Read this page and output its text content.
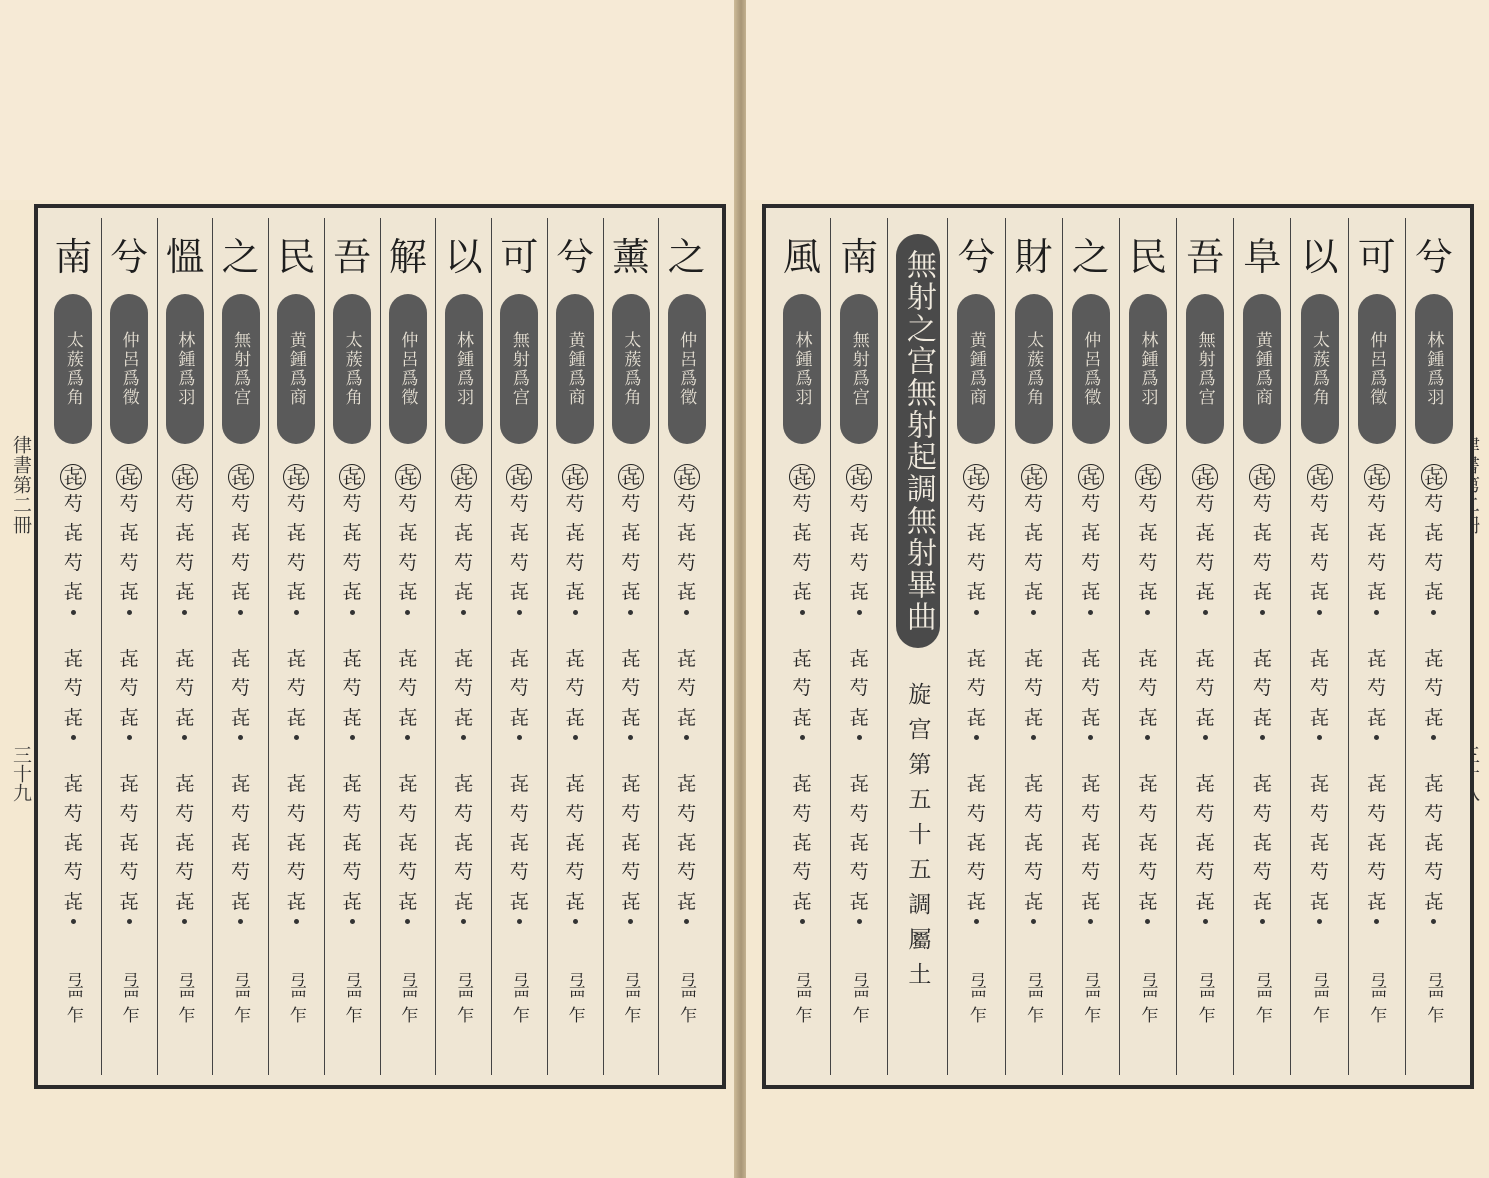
律書第二冊
三十九
之
仲呂爲徵
㐂
芍
㐂
芍
㐂
㐂
芍
㐂
㐂
芍
㐂
芍
㐂
弖罒乍
薰
太蔟爲角
㐂
芍
㐂
芍
㐂
㐂
芍
㐂
㐂
芍
㐂
芍
㐂
弖罒乍
兮
黄鍾爲商
㐂
芍
㐂
芍
㐂
㐂
芍
㐂
㐂
芍
㐂
芍
㐂
弖罒乍
可
無射爲宫
㐂
芍
㐂
芍
㐂
㐂
芍
㐂
㐂
芍
㐂
芍
㐂
弖罒乍
以
林鍾爲羽
㐂
芍
㐂
芍
㐂
㐂
芍
㐂
㐂
芍
㐂
芍
㐂
弖罒乍
解
仲呂爲徵
㐂
芍
㐂
芍
㐂
㐂
芍
㐂
㐂
芍
㐂
芍
㐂
弖罒乍
吾
太蔟爲角
㐂
芍
㐂
芍
㐂
㐂
芍
㐂
㐂
芍
㐂
芍
㐂
弖罒乍
民
黄鍾爲商
㐂
芍
㐂
芍
㐂
㐂
芍
㐂
㐂
芍
㐂
芍
㐂
弖罒乍
之
無射爲宫
㐂
芍
㐂
芍
㐂
㐂
芍
㐂
㐂
芍
㐂
芍
㐂
弖罒乍
慍
林鍾爲羽
㐂
芍
㐂
芍
㐂
㐂
芍
㐂
㐂
芍
㐂
芍
㐂
弖罒乍
兮
仲呂爲徵
㐂
芍
㐂
芍
㐂
㐂
芍
㐂
㐂
芍
㐂
芍
㐂
弖罒乍
南
太蔟爲角
㐂
芍
㐂
芍
㐂
㐂
芍
㐂
㐂
芍
㐂
芍
㐂
弖罒乍
兮
林鍾爲羽
㐂
芍
㐂
芍
㐂
㐂
芍
㐂
㐂
芍
㐂
芍
㐂
弖罒乍
可
仲呂爲徵
㐂
芍
㐂
芍
㐂
㐂
芍
㐂
㐂
芍
㐂
芍
㐂
弖罒乍
以
太蔟爲角
㐂
芍
㐂
芍
㐂
㐂
芍
㐂
㐂
芍
㐂
芍
㐂
弖罒乍
阜
黄鍾爲商
㐂
芍
㐂
芍
㐂
㐂
芍
㐂
㐂
芍
㐂
芍
㐂
弖罒乍
吾
無射爲宫
㐂
芍
㐂
芍
㐂
㐂
芍
㐂
㐂
芍
㐂
芍
㐂
弖罒乍
民
林鍾爲羽
㐂
芍
㐂
芍
㐂
㐂
芍
㐂
㐂
芍
㐂
芍
㐂
弖罒乍
之
仲呂爲徵
㐂
芍
㐂
芍
㐂
㐂
芍
㐂
㐂
芍
㐂
芍
㐂
弖罒乍
財
太蔟爲角
㐂
芍
㐂
芍
㐂
㐂
芍
㐂
㐂
芍
㐂
芍
㐂
弖罒乍
兮
黄鍾爲商
㐂
芍
㐂
芍
㐂
㐂
芍
㐂
㐂
芍
㐂
芍
㐂
弖罒乍
無射之宫無射起調無射畢曲
旋宫第五十五調屬土
南
無射爲宫
㐂
芍
㐂
芍
㐂
㐂
芍
㐂
㐂
芍
㐂
芍
㐂
弖罒乍
風
林鍾爲羽
㐂
芍
㐂
芍
㐂
㐂
芍
㐂
㐂
芍
㐂
芍
㐂
弖罒乍
